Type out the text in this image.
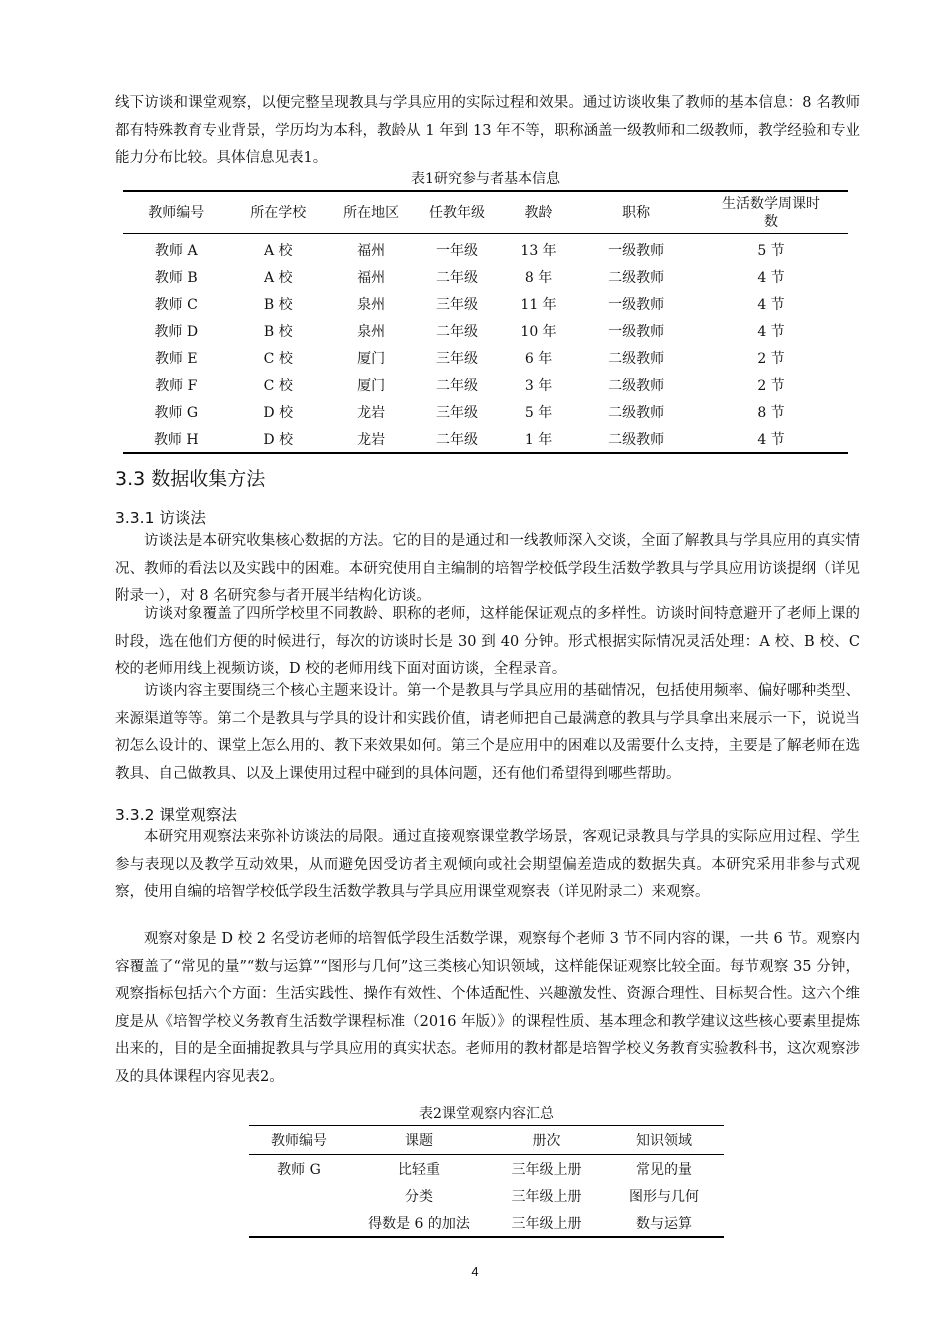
线下访谈和课堂观察，以便完整呈现教具与学具应用的实际过程和效果。通过访谈收集了教师的基本信息：8 名教师都有特殊教育专业背景，学历均为本科，教龄从 1 年到 13 年不等，职称涵盖一级教师和二级教师，教学经验和专业能力分布比较。具体信息见表1。

表1研究参与者基本信息
教师编号	所在学校	所在地区	任教年级	教龄	职称	生活数学周课时数
教师 A	A 校	福州	一年级	13 年	一级教师	5 节
教师 B	A 校	福州	二年级	8 年	二级教师	4 节
教师 C	B 校	泉州	三年级	11 年	一级教师	4 节
教师 D	B 校	泉州	二年级	10 年	一级教师	4 节
教师 E	C 校	厦门	三年级	6 年	二级教师	2 节
教师 F	C 校	厦门	二年级	3 年	二级教师	2 节
教师 G	D 校	龙岩	三年级	5 年	二级教师	8 节
教师 H	D 校	龙岩	二年级	1 年	二级教师	4 节
3.3 数据收集方法
3.3.1 访谈法

访谈法是本研究收集核心数据的方法。它的目的是通过和一线教师深入交谈，全面了解教具与学具应用的真实情况、教师的看法以及实践中的困难。本研究使用自主编制的培智学校低学段生活数学教具与学具应用访谈提纲（详见附录一），对 8 名研究参与者开展半结构化访谈。

访谈对象覆盖了四所学校里不同教龄、职称的老师，这样能保证观点的多样性。访谈时间特意避开了老师上课的时段，选在他们方便的时候进行，每次的访谈时长是 30 到 40 分钟。形式根据实际情况灵活处理：A 校、B 校、C 校的老师用线上视频访谈，D 校的老师用线下面对面访谈，全程录音。

访谈内容主要围绕三个核心主题来设计。第一个是教具与学具应用的基础情况，包括使用频率、偏好哪种类型、来源渠道等等。第二个是教具与学具的设计和实践价值，请老师把自己最满意的教具与学具拿出来展示一下，说说当初怎么设计的、课堂上怎么用的、教下来效果如何。第三个是应用中的困难以及需要什么支持，主要是了解老师在选教具、自己做教具、以及上课使用过程中碰到的具体问题，还有他们希望得到哪些帮助。

3.3.2 课堂观察法

本研究用观察法来弥补访谈法的局限。通过直接观察课堂教学场景，客观记录教具与学具的实际应用过程、学生参与表现以及教学互动效果，从而避免因受访者主观倾向或社会期望偏差造成的数据失真。本研究采用非参与式观察，使用自编的培智学校低学段生活数学教具与学具应用课堂观察表（详见附录二）来观察。

观察对象是 D 校 2 名受访老师的培智低学段生活数学课，观察每个老师 3 节不同内容的课，一共 6 节。观察内容覆盖了“常见的量”“数与运算”“图形与几何”这三类核心知识领域，这样能保证观察比较全面。每节观察 35 分钟，观察指标包括六个方面：生活实践性、操作有效性、个体适配性、兴趣激发性、资源合理性、目标契合性。这六个维度是从《培智学校义务教育生活数学课程标准（2016 年版）》的课程性质、基本理念和教学建议这些核心要素里提炼出来的，目的是全面捕捉教具与学具应用的真实状态。老师用的教材都是培智学校义务教育实验教科书，这次观察涉及的具体课程内容见表2。

表2课堂观察内容汇总
教师编号	课题	册次	知识领域
教师 G	比轻重	三年级上册	常见的量
	分类	三年级上册	图形与几何
	得数是 6 的加法	三年级上册	数与运算
4
